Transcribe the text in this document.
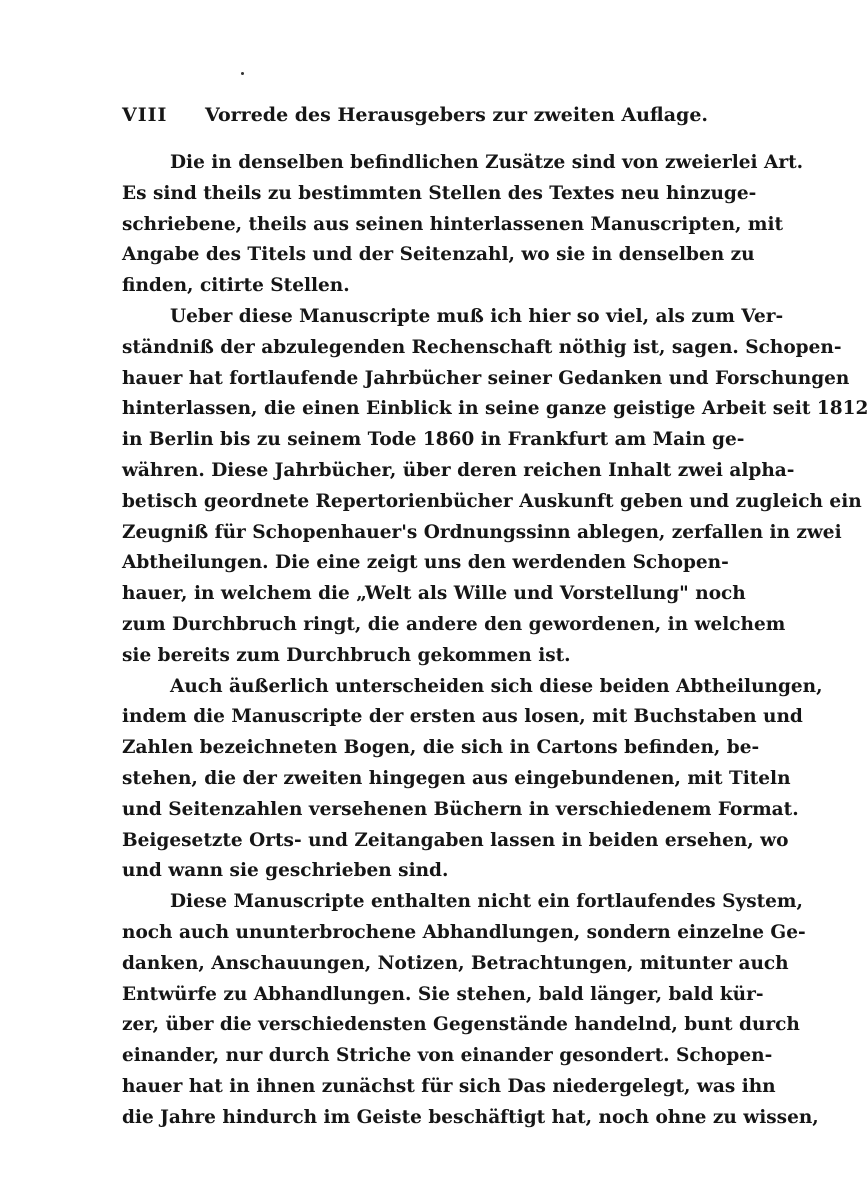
VIII Vorrede des Herausgebers zur zweiten Auflage.
Die in denselben befindlichen Zusätze sind von zweierlei Art.
Es sind theils zu bestimmten Stellen des Textes neu hinzuge-
schriebene, theils aus seinen hinterlassenen Manuscripten, mit
Angabe des Titels und der Seitenzahl, wo sie in denselben zu
finden, citirte Stellen.
Ueber diese Manuscripte muß ich hier so viel, als zum Ver-
ständniß der abzulegenden Rechenschaft nöthig ist, sagen. Schopen-
hauer hat fortlaufende Jahrbücher seiner Gedanken und Forschungen
hinterlassen, die einen Einblick in seine ganze geistige Arbeit seit 1812
in Berlin bis zu seinem Tode 1860 in Frankfurt am Main ge-
währen. Diese Jahrbücher, über deren reichen Inhalt zwei alpha-
betisch geordnete Repertorienbücher Auskunft geben und zugleich ein
Zeugniß für Schopenhauer's Ordnungssinn ablegen, zerfallen in zwei
Abtheilungen. Die eine zeigt uns den werdenden Schopen-
hauer, in welchem die „Welt als Wille und Vorstellung" noch
zum Durchbruch ringt, die andere den gewordenen, in welchem
sie bereits zum Durchbruch gekommen ist.
Auch äußerlich unterscheiden sich diese beiden Abtheilungen,
indem die Manuscripte der ersten aus losen, mit Buchstaben und
Zahlen bezeichneten Bogen, die sich in Cartons befinden, be-
stehen, die der zweiten hingegen aus eingebundenen, mit Titeln
und Seitenzahlen versehenen Büchern in verschiedenem Format.
Beigesetzte Orts- und Zeitangaben lassen in beiden ersehen, wo
und wann sie geschrieben sind.
Diese Manuscripte enthalten nicht ein fortlaufendes System,
noch auch ununterbrochene Abhandlungen, sondern einzelne Ge-
danken, Anschauungen, Notizen, Betrachtungen, mitunter auch
Entwürfe zu Abhandlungen. Sie stehen, bald länger, bald kür-
zer, über die verschiedensten Gegenstände handelnd, bunt durch
einander, nur durch Striche von einander gesondert. Schopen-
hauer hat in ihnen zunächst für sich Das niedergelegt, was ihn
die Jahre hindurch im Geiste beschäftigt hat, noch ohne zu wissen,
